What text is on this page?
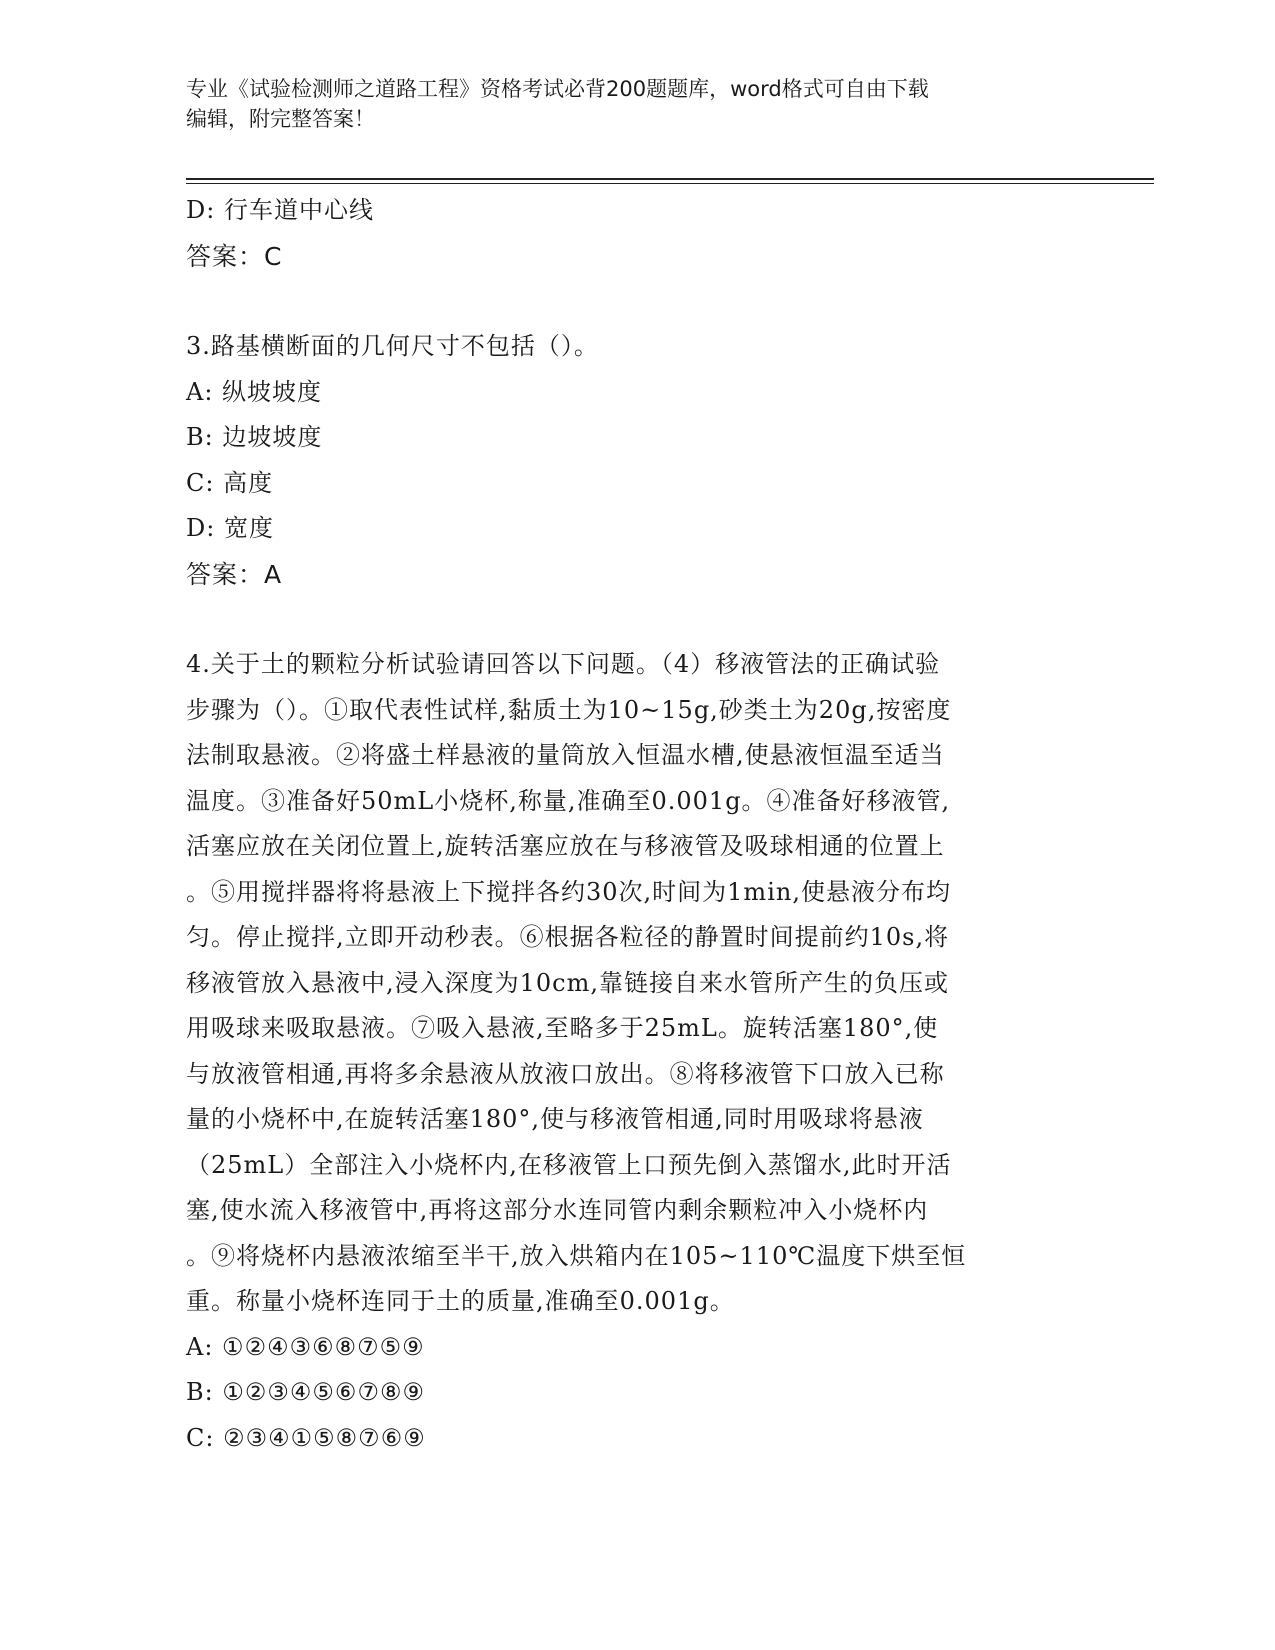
专业《试验检测师之道路工程》资格考试必背200题题库，word格式可自由下载
编辑，附完整答案！
D: 行车道中心线
答案：C
3.路基横断面的几何尺寸不包括（）。
A: 纵坡坡度
B: 边坡坡度
C: 高度
D: 宽度
答案：A
4.关于土的颗粒分析试验请回答以下问题。（4）移液管法的正确试验
步骤为（）。①取代表性试样,黏质土为10~15g,砂类土为20g,按密度
法制取悬液。②将盛土样悬液的量筒放入恒温水槽,使悬液恒温至适当
温度。③准备好50mL小烧杯,称量,准确至0.001g。④准备好移液管,
活塞应放在关闭位置上,旋转活塞应放在与移液管及吸球相通的位置上
。⑤用搅拌器将将悬液上下搅拌各约30次,时间为1min,使悬液分布均
匀。停止搅拌,立即开动秒表。⑥根据各粒径的静置时间提前约10s,将
移液管放入悬液中,浸入深度为10cm,靠链接自来水管所产生的负压或
用吸球来吸取悬液。⑦吸入悬液,至略多于25mL。旋转活塞180°,使
与放液管相通,再将多余悬液从放液口放出。⑧将移液管下口放入已称
量的小烧杯中,在旋转活塞180°,使与移液管相通,同时用吸球将悬液
（25mL）全部注入小烧杯内,在移液管上口预先倒入蒸馏水,此时开活
塞,使水流入移液管中,再将这部分水连同管内剩余颗粒冲入小烧杯内
。⑨将烧杯内悬液浓缩至半干,放入烘箱内在105~110℃温度下烘至恒
重。称量小烧杯连同于土的质量,准确至0.001g。
A: ①②④③⑥⑧⑦⑤⑨
B: ①②③④⑤⑥⑦⑧⑨
C: ②③④①⑤⑧⑦⑥⑨
